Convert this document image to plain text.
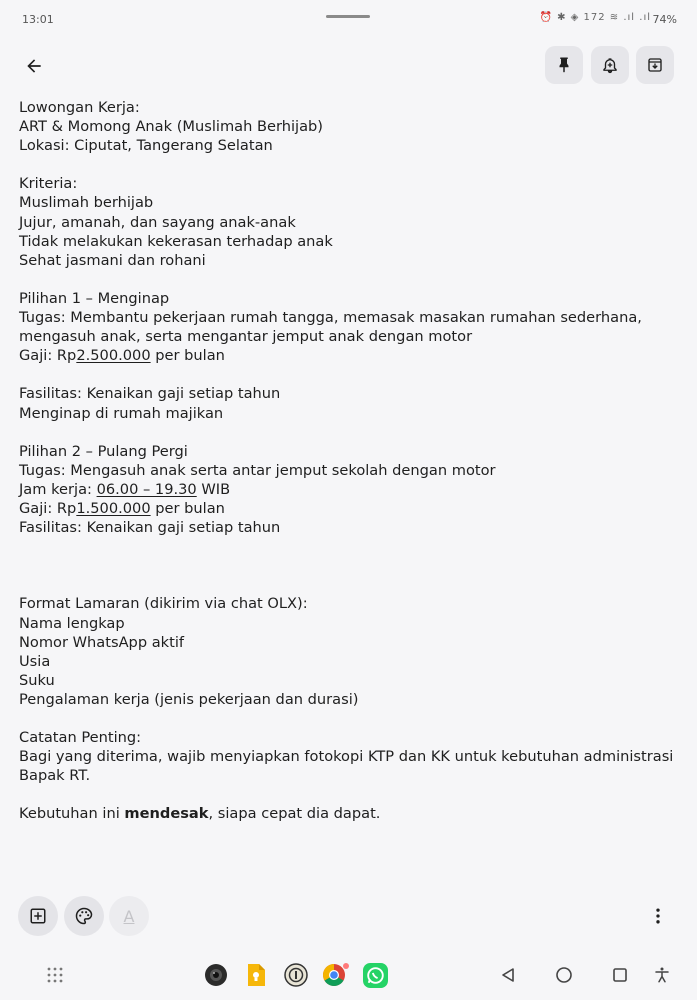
13:01	⏰ ✱ ◈ 172 ≋ .ıl .ıl 74%

Lowongan Kerja:

ART & Momong Anak (Muslimah Berhijab)

Lokasi: Ciputat, Tangerang Selatan

Kriteria:

Muslimah berhijab

Jujur, amanah, dan sayang anak-anak

Tidak melakukan kekerasan terhadap anak

Sehat jasmani dan rohani

Pilihan 1 – Menginap

Tugas: Membantu pekerjaan rumah tangga, memasak masakan rumahan sederhana, mengasuh anak, serta mengantar jemput anak dengan motor

Gaji: Rp2.500.000 per bulan

Fasilitas: Kenaikan gaji setiap tahun

Menginap di rumah majikan

Pilihan 2 – Pulang Pergi

Tugas: Mengasuh anak serta antar jemput sekolah dengan motor

Jam kerja: 06.00 – 19.30 WIB

Gaji: Rp1.500.000 per bulan

Fasilitas: Kenaikan gaji setiap tahun

Format Lamaran (dikirim via chat OLX):

Nama lengkap

Nomor WhatsApp aktif

Usia

Suku

Pengalaman kerja (jenis pekerjaan dan durasi)

Catatan Penting:

Bagi yang diterima, wajib menyiapkan fotokopi KTP dan KK untuk kebutuhan administrasi Bapak RT.

Kebutuhan ini mendesak, siapa cepat dia dapat.

A
